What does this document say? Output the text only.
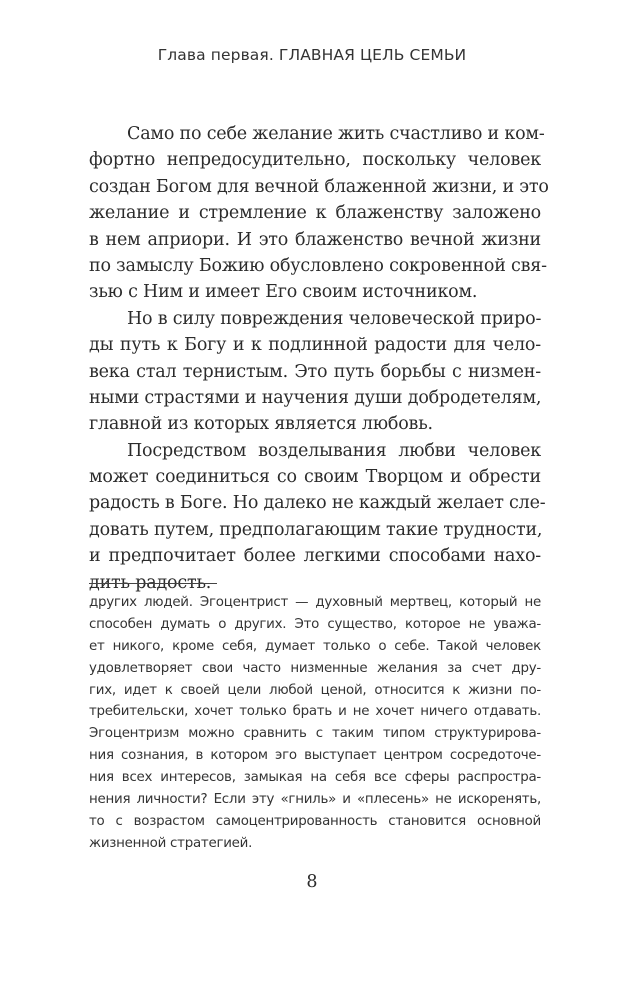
Глава первая. ГЛАВНАЯ ЦЕЛЬ СЕМЬИ
Само по себе желание жить счастливо и ком-
фортно непредосудительно, поскольку человек
создан Богом для вечной блаженной жизни, и это
желание и стремление к блаженству заложено
в нем априори. И это блаженство вечной жизни
по замыслу Божию обусловлено сокровенной свя-
зью с Ним и имеет Его своим источником.
Но в силу повреждения человеческой приро-
ды путь к Богу и к подлинной радости для чело-
века стал тернистым. Это путь борьбы с низмен-
ными страстями и научения души добродетелям,
главной из которых является любовь.
Посредством возделывания любви человек
может соединиться со своим Творцом и обрести
радость в Боге. Но далеко не каждый желает сле-
довать путем, предполагающим такие трудности,
и предпочитает более легкими способами нахо-
дить радость.
других людей. Эгоцентрист — духовный мертвец, который не
способен думать о других. Это существо, которое не уважа-
ет никого, кроме себя, думает только о себе. Такой человек
удовлетворяет свои часто низменные желания за счет дру-
гих, идет к своей цели любой ценой, относится к жизни по-
требительски, хочет только брать и не хочет ничего отдавать.
Эгоцентризм можно сравнить с таким типом структурирова-
ния сознания, в котором эго выступает центром сосредоточе-
ния всех интересов, замыкая на себя все сферы распростра-
нения личности? Если эту «гниль» и «плесень» не искоренять,
то с возрастом самоцентрированность становится основной
жизненной стратегией.
8
